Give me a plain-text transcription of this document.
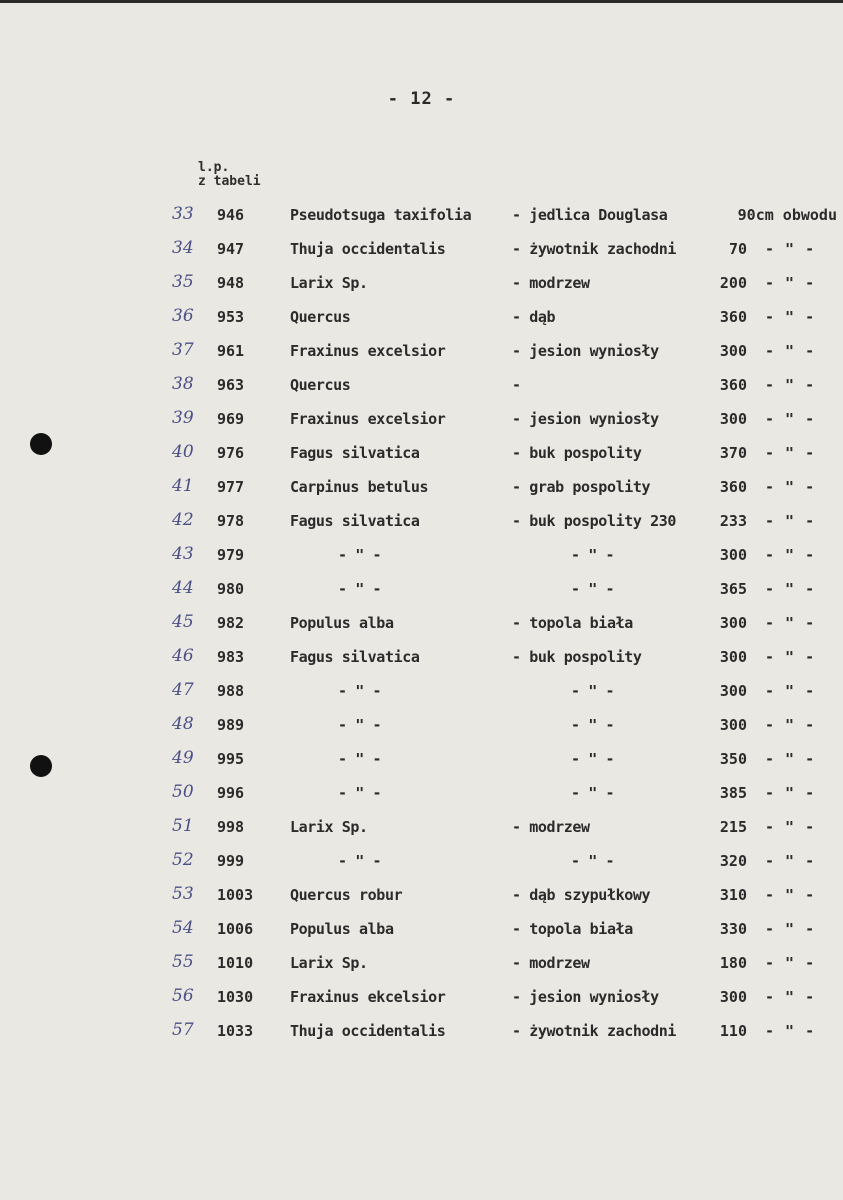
- 12 -
l.p.
z tabeli
33 946	Pseudotsuga taxifolia	- jedlica Douglasa	90cm obwodu
34 947	Thuja occidentalis	- żywotnik zachodni	70 - " -
35 948	Larix Sp.	- modrzew	200 - " -
36 953	Quercus	- dąb	360 - " -
37 961	Fraxinus excelsior	- jesion wyniosły	300 - " -
38 963	Quercus	-	360 - " -
39 969	Fraxinus excelsior	- jesion wyniosły	300 - " -
40 976	Fagus silvatica	- buk pospolity	370 - " -
41 977	Carpinus betulus	- grab pospolity	360 - " -
42 978	Fagus silvatica	- buk pospolity 230	233 - " -
43 979	- " -	- " -	300 - " -
44 980	- " -	- " -	365 - " -
45 982	Populus alba	- topola biała	300 - " -
46 983	Fagus silvatica	- buk pospolity	300 - " -
47 988	- " -	- " -	300 - " -
48 989	- " -	- " -	300 - " -
49 995	- " -	- " -	350 - " -
50 996	- " -	- " -	385 - " -
51 998	Larix Sp.	- modrzew	215 - " -
52 999	- " -	- " -	320 - " -
53 1003 Quercus robur	- dąb szypułkowy	310 - " -
54 1006 Populus alba	- topola biała	330 - " -
55 1010 Larix Sp.	- modrzew	180 - " -
56 1030 Fraxinus ekcelsior	- jesion wyniosły	300 - " -
57 1033 Thuja occidentalis	- żywotnik zachodni	110 - " -
